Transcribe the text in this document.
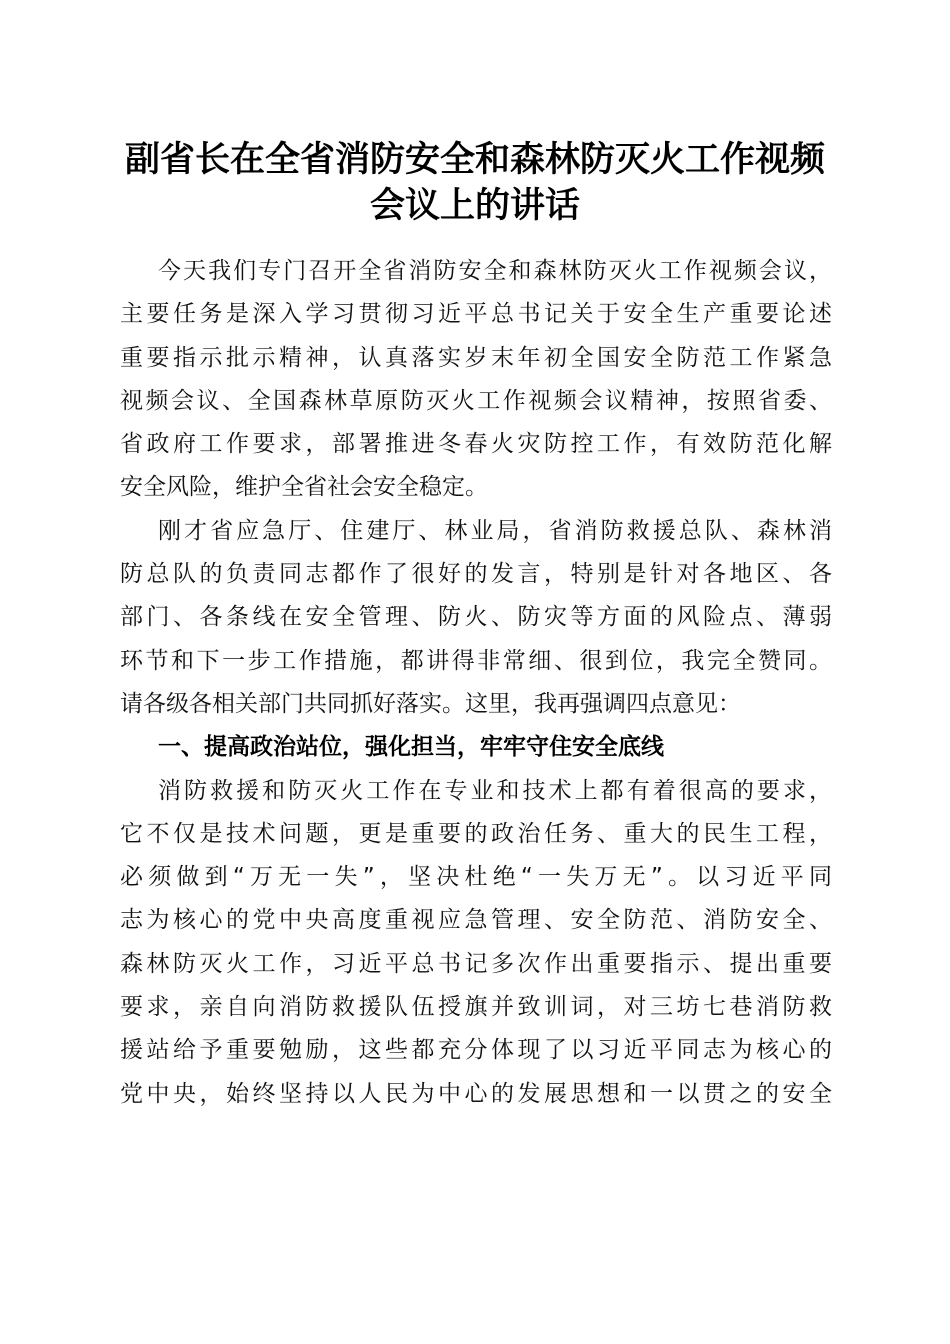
副省长在全省消防安全和森林防灭火工作视频
会议上的讲话
今天我们专门召开全省消防安全和森林防灭火工作视频会议，
主要任务是深入学习贯彻习近平总书记关于安全生产重要论述
重要指示批示精神，认真落实岁末年初全国安全防范工作紧急
视频会议、全国森林草原防灭火工作视频会议精神，按照省委、
省政府工作要求，部署推进冬春火灾防控工作，有效防范化解
安全风险，维护全省社会安全稳定。
刚才省应急厅、住建厅、林业局，省消防救援总队、森林消
防总队的负责同志都作了很好的发言，特别是针对各地区、各
部门、各条线在安全管理、防火、防灾等方面的风险点、薄弱
环节和下一步工作措施，都讲得非常细、很到位，我完全赞同。
请各级各相关部门共同抓好落实。这里，我再强调四点意见：
一、提高政治站位，强化担当，牢牢守住安全底线
消防救援和防灭火工作在专业和技术上都有着很高的要求，
它不仅是技术问题，更是重要的政治任务、重大的民生工程，
必须做到“万无一失”，坚决杜绝“一失万无”。以习近平同
志为核心的党中央高度重视应急管理、安全防范、消防安全、
森林防灭火工作，习近平总书记多次作出重要指示、提出重要
要求，亲自向消防救援队伍授旗并致训词，对三坊七巷消防救
援站给予重要勉励，这些都充分体现了以习近平同志为核心的
党中央，始终坚持以人民为中心的发展思想和一以贯之的安全
